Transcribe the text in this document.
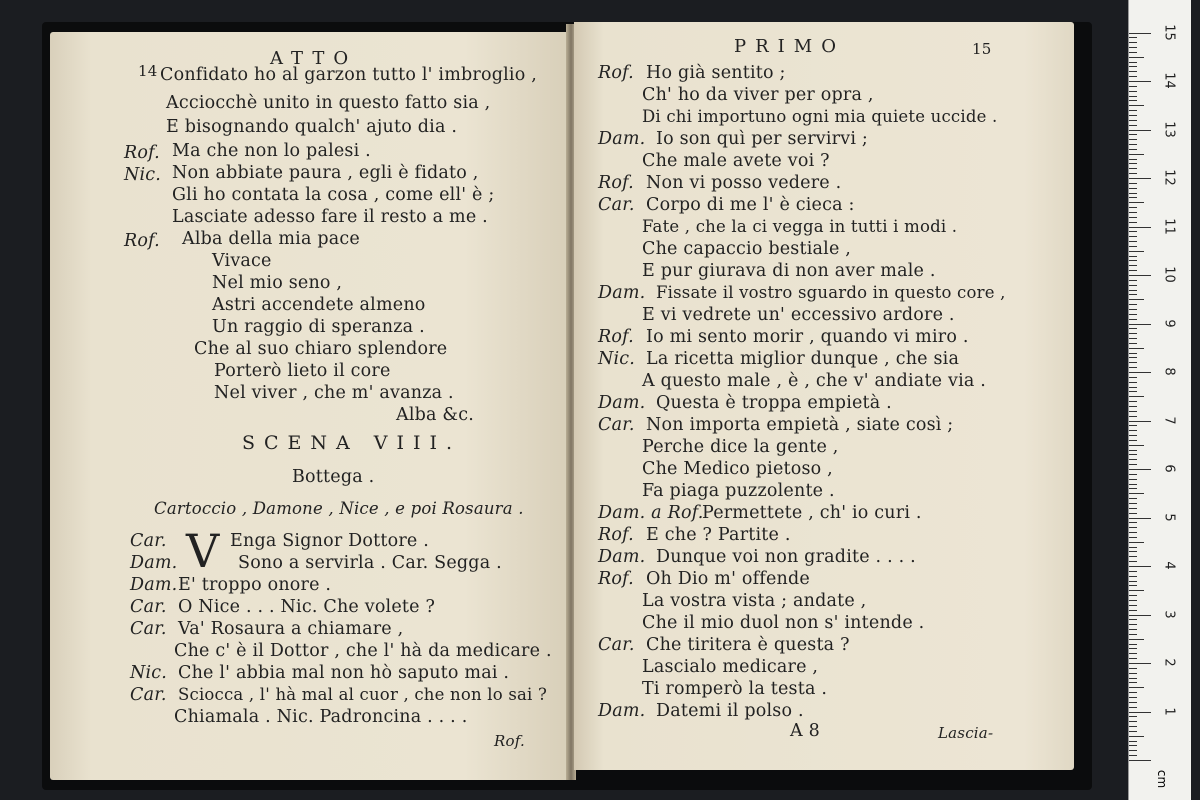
14
ATTO
Confidato ho al garzon tutto l' imbroglio ,
Acciocchè unito in questo fatto sia ,
E bisognando qualch' ajuto dia .
Rof. Ma che non lo palesi .
Nic. Non abbiate paura , egli è fidato ,
Gli ho contata la cosa , come ell' è ;
Lasciate adesso fare il resto a me .
Rof. Alba della mia pace
Vivace
Nel mio seno ,
Astri accendete almeno
Un raggio di speranza .
Che al suo chiaro splendore
Porterò lieto il core
Nel viver , che m' avanza .
Alba &c.
SCENA VIII.
Bottega .
Cartoccio , Damone , Nice , e poi Rosaura .
V
Car.	Enga Signor Dottore .
Dam.	Sono a servirla . Car. Segga .
Dam. E' troppo onore .
Car. O Nice . . . Nic. Che volete ?
Car. Va' Rosaura a chiamare ,
Che c' è il Dottor , che l' hà da medicare .
Nic. Che l' abbia mal non hò saputo mai .
Car. Sciocca , l' hà mal al cuor , che non lo sai ?
Chiamala . Nic. Padroncina . . . .
Rof.
PRIMO	15
Rof. Ho già sentito ;
Ch' ho da viver per opra ,
Di chi importuno ogni mia quiete uccide .
Dam. Io son quì per servirvi ;
Che male avete voi ?
Rof. Non vi posso vedere .
Car. Corpo di me l' è cieca :
Fate , che la ci vegga in tutti i modi .
Che capaccio bestiale ,
E pur giurava di non aver male .
Dam. Fissate il vostro sguardo in questo core ,
E vi vedrete un' eccessivo ardore .
Rof. Io mi sento morir , quando vi miro .
Nic. La ricetta miglior dunque , che sia
A questo male , è , che v' andiate via .
Dam. Questa è troppa empietà .
Car. Non importa empietà , siate così ;
Perche dice la gente ,
Che Medico pietoso ,
Fa piaga puzzolente .
Dam. a Rof.
Permettete , ch' io curi .
Rof. E che ? Partite .
Dam. Dunque voi non gradite . . . .
Rof. Oh Dio m' offende
La vostra vista ; andate ,
Che il mio duol non s' intende .
Car. Che tiritera è questa ?
Lascialo medicare ,
Ti romperò la testa .
Dam. Datemi il polso .
A 8	Lascia-
cm
1
2
3
4
5
6
7
8
9
10
11
12
13
14
15
